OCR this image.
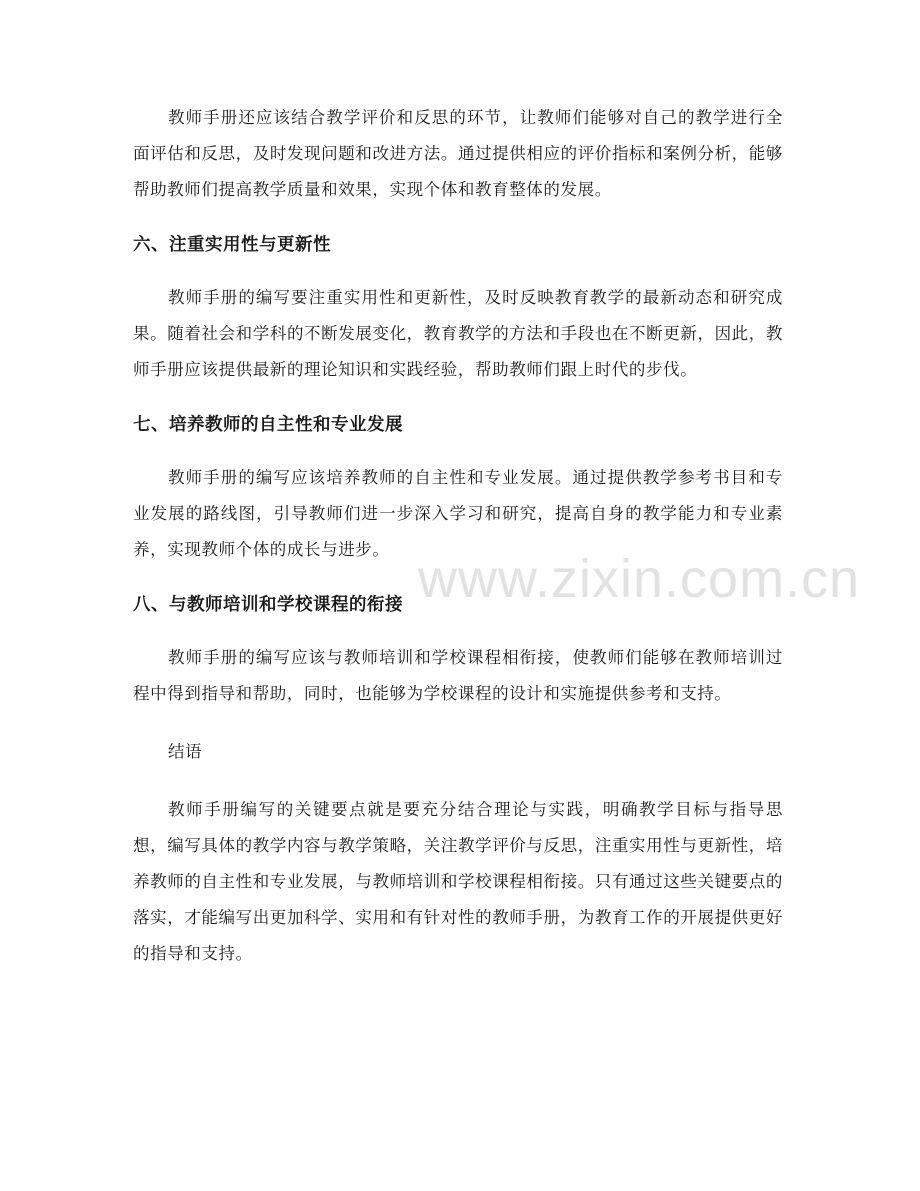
www.zixin.com.cn

教师手册还应该结合教学评价和反思的环节，让教师们能够对自己的教学进行全面评估和反思，及时发现问题和改进方法。通过提供相应的评价指标和案例分析，能够帮助教师们提高教学质量和效果，实现个体和教育整体的发展。

六、注重实用性与更新性

教师手册的编写要注重实用性和更新性，及时反映教育教学的最新动态和研究成果。随着社会和学科的不断发展变化，教育教学的方法和手段也在不断更新，因此，教师手册应该提供最新的理论知识和实践经验，帮助教师们跟上时代的步伐。

七、培养教师的自主性和专业发展

教师手册的编写应该培养教师的自主性和专业发展。通过提供教学参考书目和专业发展的路线图，引导教师们进一步深入学习和研究，提高自身的教学能力和专业素养，实现教师个体的成长与进步。

八、与教师培训和学校课程的衔接

教师手册的编写应该与教师培训和学校课程相衔接，使教师们能够在教师培训过程中得到指导和帮助，同时，也能够为学校课程的设计和实施提供参考和支持。

结语

教师手册编写的关键要点就是要充分结合理论与实践，明确教学目标与指导思想，编写具体的教学内容与教学策略，关注教学评价与反思，注重实用性与更新性，培养教师的自主性和专业发展，与教师培训和学校课程相衔接。只有通过这些关键要点的落实，才能编写出更加科学、实用和有针对性的教师手册，为教育工作的开展提供更好的指导和支持。
